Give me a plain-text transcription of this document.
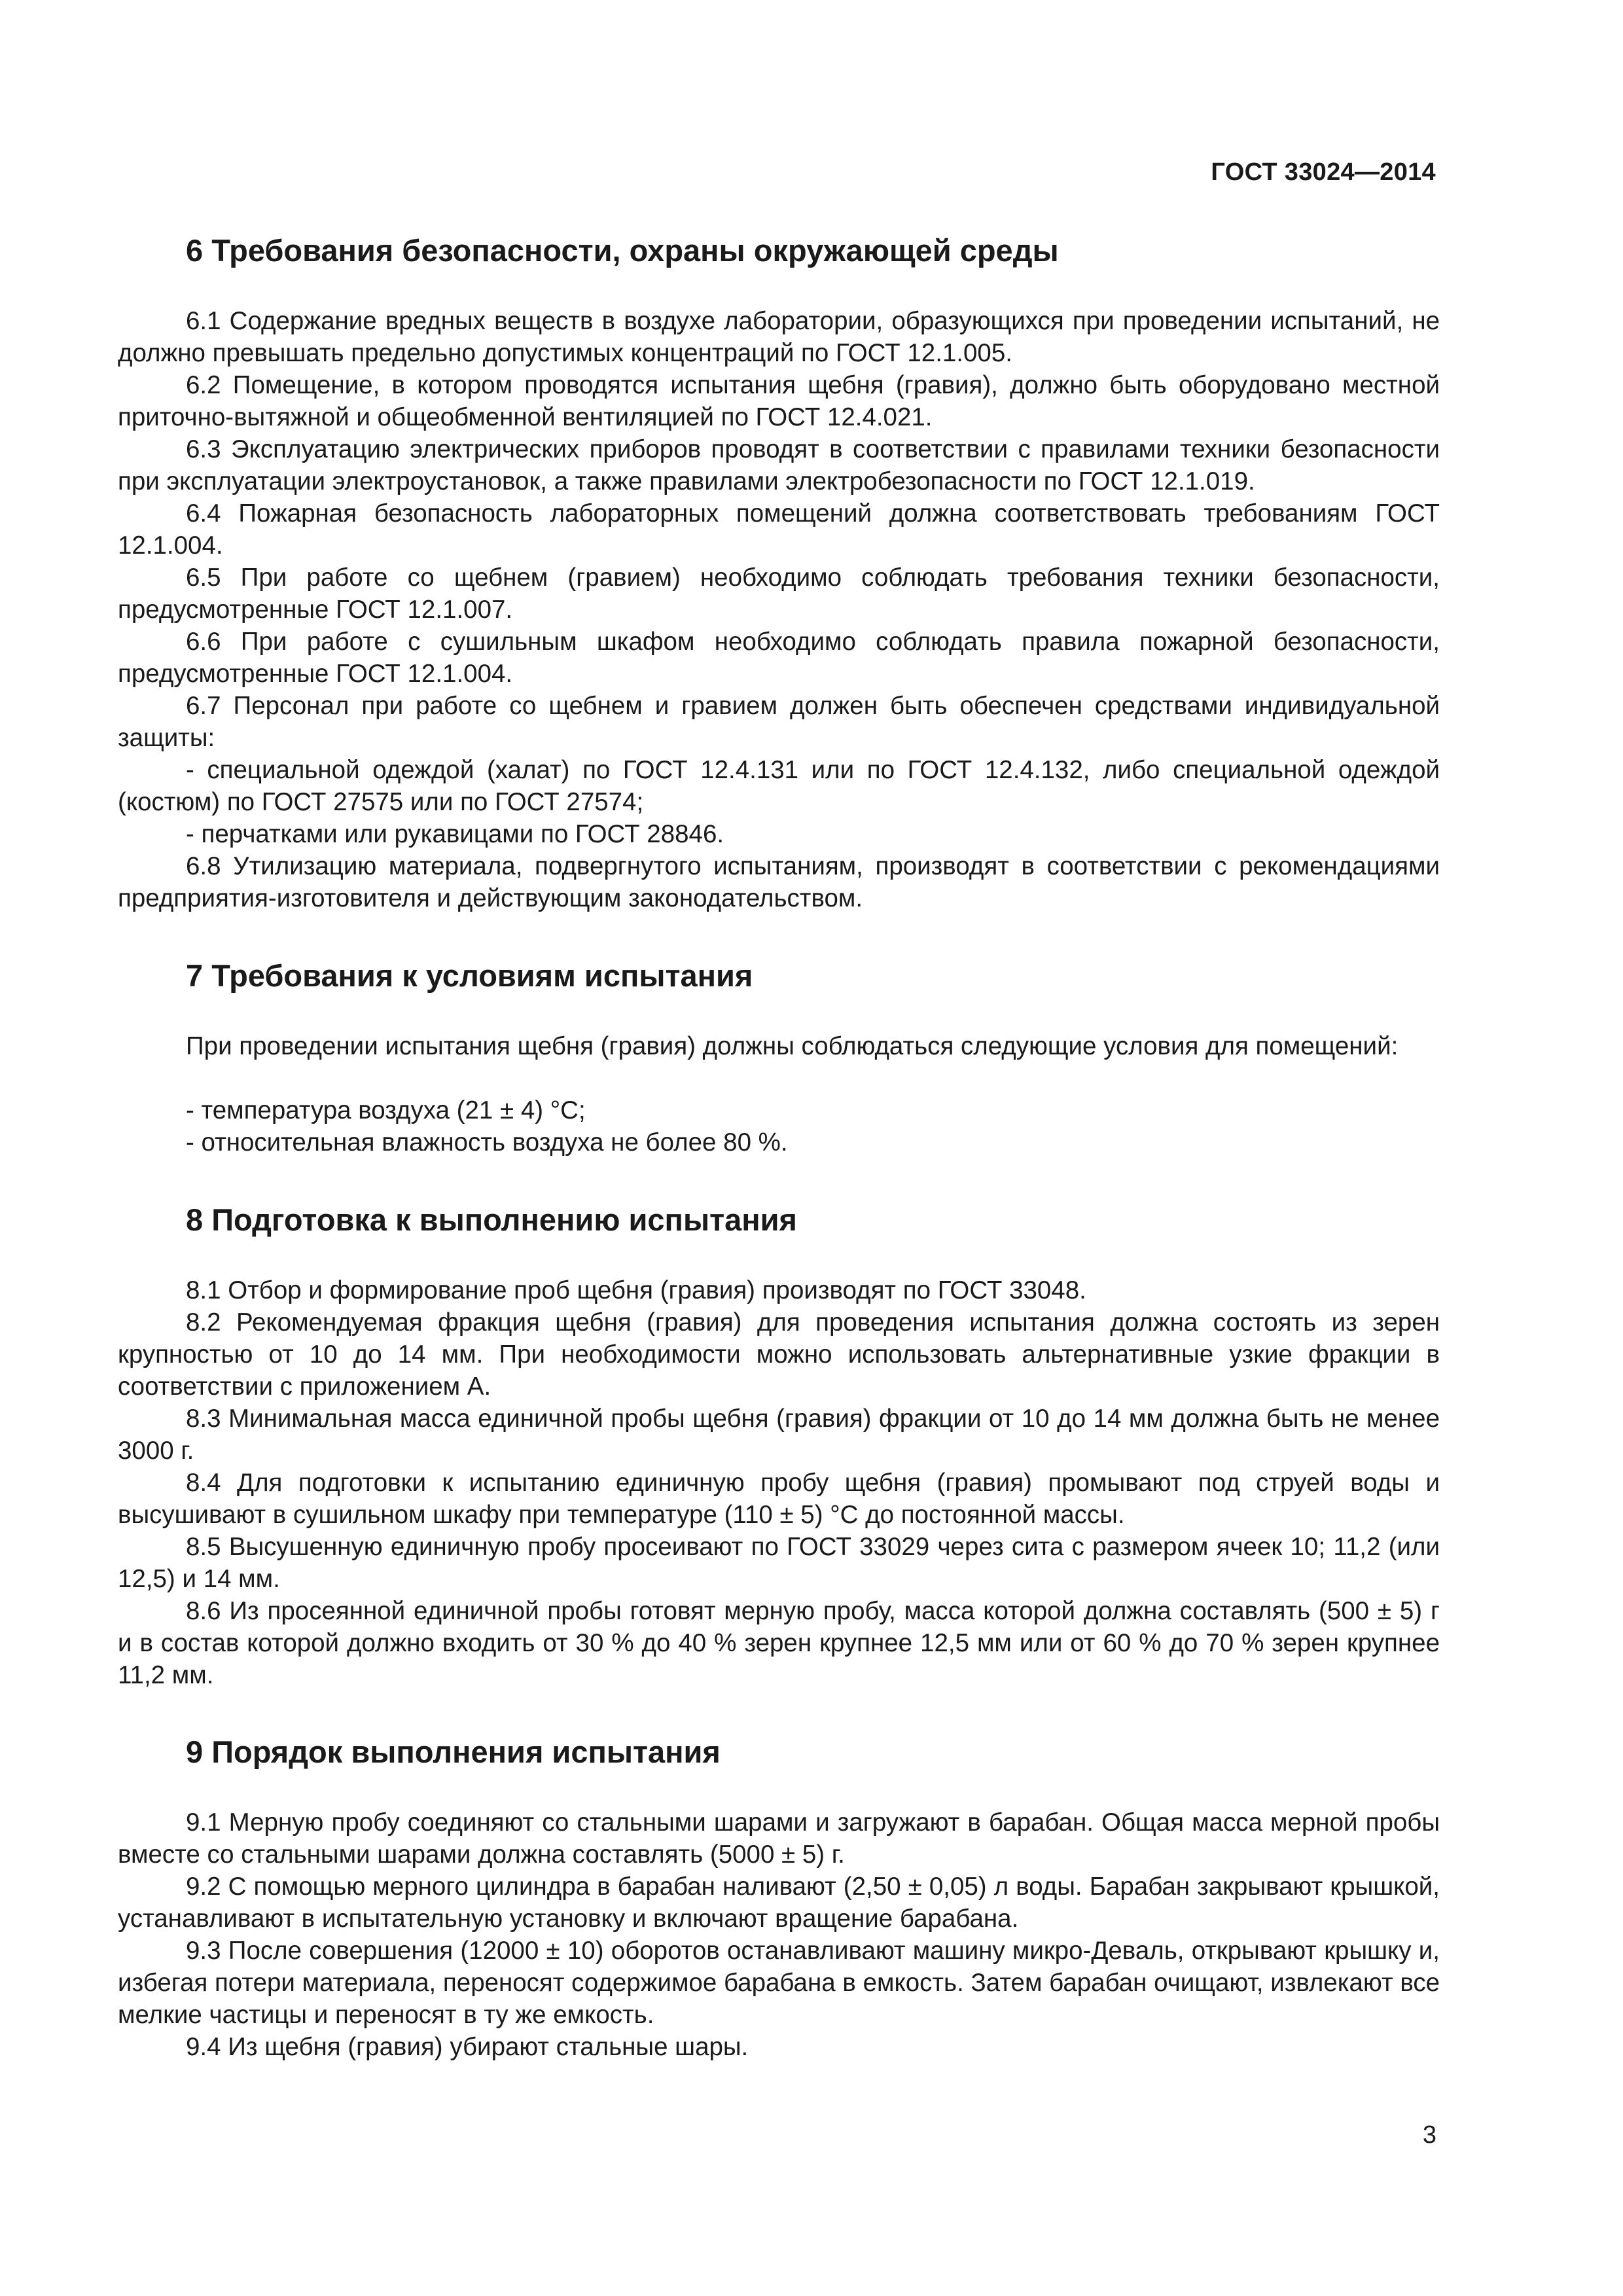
ГОСТ 33024—2014
6 Требования безопасности, охраны окружающей среды
6.1 Содержание вредных веществ в воздухе лаборатории, образующихся при проведении испытаний, не должно превышать предельно допустимых концентраций по ГОСТ 12.1.005.
6.2 Помещение, в котором проводятся испытания щебня (гравия), должно быть оборудовано местной приточно-вытяжной и общеобменной вентиляцией по ГОСТ 12.4.021.
6.3 Эксплуатацию электрических приборов проводят в соответствии с правилами техники безопасности при эксплуатации электроустановок, а также правилами электробезопасности по ГОСТ 12.1.019.
6.4 Пожарная безопасность лабораторных помещений должна соответствовать требованиям ГОСТ 12.1.004.
6.5 При работе со щебнем (гравием) необходимо соблюдать требования техники безопасности, предусмотренные ГОСТ 12.1.007.
6.6 При работе с сушильным шкафом необходимо соблюдать правила пожарной безопасности, предусмотренные ГОСТ 12.1.004.
6.7 Персонал при работе со щебнем и гравием должен быть обеспечен средствами индивидуальной защиты:
- специальной одеждой (халат) по ГОСТ 12.4.131 или по ГОСТ 12.4.132, либо специальной одеждой (костюм) по ГОСТ 27575 или по ГОСТ 27574;
- перчатками или рукавицами по ГОСТ 28846.
6.8 Утилизацию материала, подвергнутого испытаниям, производят в соответствии с рекомендациями предприятия-изготовителя и действующим законодательством.
7 Требования к условиям испытания
При проведении испытания щебня (гравия) должны соблюдаться следующие условия для помещений:
- температура воздуха (21 ± 4) °С;
- относительная влажность воздуха не более 80 %.
8 Подготовка к выполнению испытания
8.1 Отбор и формирование проб щебня (гравия) производят по ГОСТ 33048.
8.2 Рекомендуемая фракция щебня (гравия) для проведения испытания должна состоять из зерен крупностью от 10 до 14 мм. При необходимости можно использовать альтернативные узкие фракции в соответствии с приложением А.
8.3 Минимальная масса единичной пробы щебня (гравия) фракции от 10 до 14 мм должна быть не менее 3000 г.
8.4 Для подготовки к испытанию единичную пробу щебня (гравия) промывают под струей воды и высушивают в сушильном шкафу при температуре (110 ± 5) °С до постоянной массы.
8.5 Высушенную единичную пробу просеивают по ГОСТ 33029 через сита с размером ячеек 10; 11,2 (или 12,5) и 14 мм.
8.6 Из просеянной единичной пробы готовят мерную пробу, масса которой должна составлять (500 ± 5) г и в состав которой должно входить от 30 % до 40 % зерен крупнее 12,5 мм или от 60 % до 70 % зерен крупнее 11,2 мм.
9 Порядок выполнения испытания
9.1 Мерную пробу соединяют со стальными шарами и загружают в барабан. Общая масса мерной пробы вместе со стальными шарами должна составлять (5000 ± 5) г.
9.2 С помощью мерного цилиндра в барабан наливают (2,50 ± 0,05) л воды. Барабан закрывают крышкой, устанавливают в испытательную установку и включают вращение барабана.
9.3 После совершения (12000 ± 10) оборотов останавливают машину микро-Деваль, открывают крышку и, избегая потери материала, переносят содержимое барабана в емкость. Затем барабан очищают, извлекают все мелкие частицы и переносят в ту же емкость.
9.4 Из щебня (гравия) убирают стальные шары.
3
